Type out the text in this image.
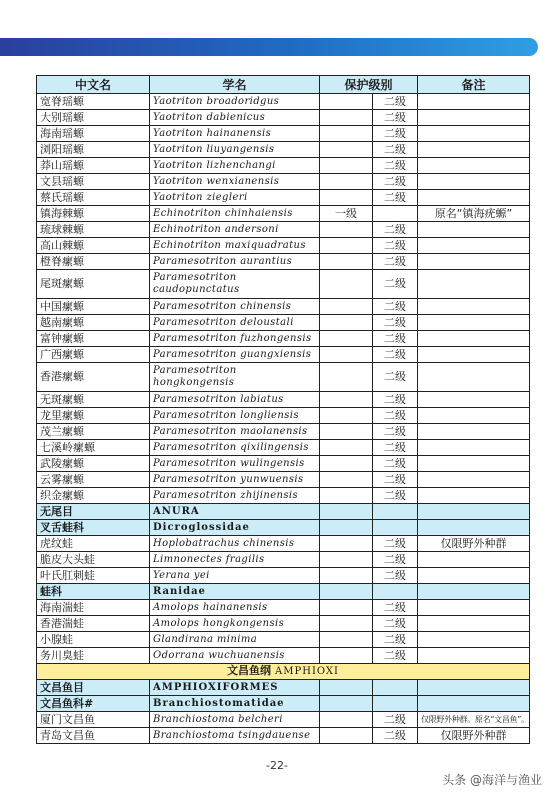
中文名	学名	保护级别		备注
宽脊瑶螈	Yaotriton broadoridgus		二级	
大别瑶螈	Yaotriton dabienicus		二级	
海南瑶螈	Yaotriton hainanensis		二级	
浏阳瑶螈	Yaotriton liuyangensis		二级	
莽山瑶螈	Yaotriton lizhenchangi		二级	
文县瑶螈	Yaotriton wenxianensis		二级	
蔡氏瑶螈	Yaotriton ziegleri		二级	
镇海棘螈	Echinotriton chinhaiensis	一级		原名“镇海疣螈”
琉球棘螈	Echinotriton andersoni		二级	
高山棘螈	Echinotriton maxiquadratus		二级	
橙脊瘰螈	Paramesotriton aurantius		二级	
尾斑瘰螈	Paramesotriton
caudopunctatus		二级	
中国瘰螈	Paramesotriton chinensis		二级	
越南瘰螈	Paramesotriton deloustali		二级	
富钟瘰螈	Paramesotriton fuzhongensis		二级	
广西瘰螈	Paramesotriton guangxiensis		二级	
香港瘰螈	Paramesotriton
hongkongensis		二级	
无斑瘰螈	Paramesotriton labiatus		二级	
龙里瘰螈	Paramesotriton longliensis		二级	
茂兰瘰螈	Paramesotriton maolanensis		二级	
七溪岭瘰螈	Paramesotriton qixilingensis		二级	
武陵瘰螈	Paramesotriton wulingensis		二级	
云雾瘰螈	Paramesotriton yunwuensis		二级	
织金瘰螈	Paramesotriton zhijinensis		二级	
无尾目	ANURA			
叉舌蛙科	Dicroglossidae			
虎纹蛙	Hoplobatrachus chinensis		二级	仅限野外种群
脆皮大头蛙	Limnonectes fragilis		二级	
叶氏肛刺蛙	Yerana yei		二级	
蛙科	Ranidae			
海南湍蛙	Amolops hainanensis		二级	
香港湍蛙	Amolops hongkongensis		二级	
小腺蛙	Glandirana minima		二级	
务川臭蛙	Odorrana wuchuanensis		二级	
文昌鱼纲 AMPHIOXI				
文昌鱼目	AMPHIOXIFORMES			
文昌鱼科#	Branchiostomatidae			
厦门文昌鱼	Branchiostoma belcheri		二级	仅限野外种群。原名“文昌鱼”。
青岛文昌鱼	Branchiostoma tsingdauense		二级	仅限野外种群
-22-
头条 @海洋与渔业
